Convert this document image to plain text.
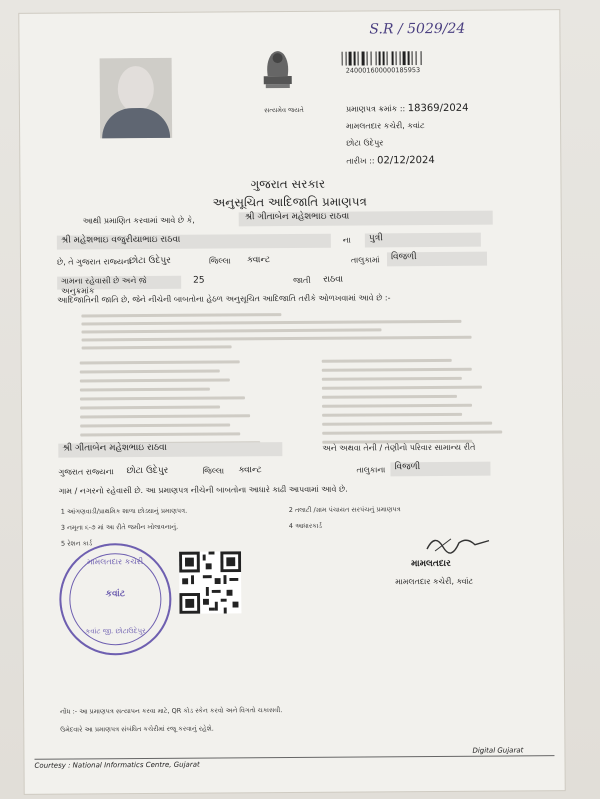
S.R / 5029/24
સત્યમેવ જયતે
240001600000185953
પ્રમાણપત્ર ક્રમાંક :: 18369/2024
મામલતદાર કચેરી, કવાંટ
છોટા ઉદેપુર
તારીખ :: 02/12/2024
ગુજરાત સરકાર
અનુસૂચિત આદિજાતિ પ્રમાણપત્ર
આથી પ્રમાણિત કરવામાં આવે છે કે,	શ્રી ગીતાબેન મહેશભાઇ રાઠવા
શ્રી મહેશભાઇ વજુરીયાભાઇ રાઠવા	ના	પુત્રી
છે, તે ગુજરાત રાજ્યના
છોટા ઉદેપુર	જિલ્લા ક્વાન્ટ	તાલુકામાં	વિજળી
ગામના રહેવાસી છે અને જ઼ે અનુક્રમાંક
25	જાતી રાઠવા
આદિજાતિની જાતિ છે, જેને નીચેની બાબતોના હેઠળ અનુસૂચિત આદિજાતિ તરીકે ઓળખવામાં આવે છે :-
શ્રી ગીતાબેન મહેશભાઇ રાઠવા	અને અથવા તેની / તેણીનો પરિવાર સામાન્ય રીતે
ગુજરાત રાજ્યના છોટા ઉદેપુર	જિલ્લા ક્વાન્ટ	તાલુકાના	વિજળી
ગામ / નગરનો રહેવાસી છે. આ પ્રમાણપત્ર નીચેની બાબતોના આધારે કાઢી આપવામાં આવે છે.
1 આંગણવાડી/પ્રાથમિક શાળા છોડ્યાનું પ્રમાણપત્ર.	2 તલાટી /ગ્રામ પંચાયત સરપંચનું પ્રમાણપત્ર
3 નમૂના ૬-૭ માં આ રીતે જમીન ખોલાવનાનું.	4 આધારકાર્ડ
5 રેશન કાર્ડ
મામલતદાર
મામલતદાર કચેરી, ક્વાંટ
મામલતદાર કચેરી
કવાંટ
કવાંટ જી. છોટાઉદેપુર
નોંધ :- આ પ્રમાણપત્ર સત્યાપન કરવા માટે, QR કોડ સ્કેન કરવો અને વિગતો ચકાસવી.
ઉમેદવારે આ પ્રમાણપત્ર સંબંધિત કચેરીમાં રજૂ કરવાનું રહેશે.
Courtesy : National Informatics Centre, Gujarat
Digital Gujarat
